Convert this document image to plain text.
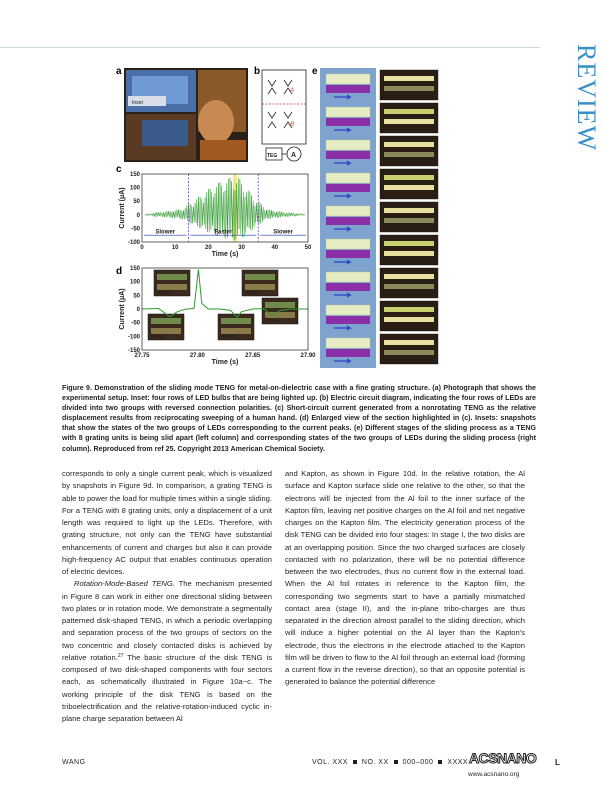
REVIEW
a	b
c
d
e
Inset
A
B
TEG A
Slower	Faster	Slower
150
100
50
0
-50
-100
0	10	20	30	40	50
Time (s)
Current (μA)
Inset	Inset
Inset	Inset
Inset
150
100
50
0
-50
-100
-150
27.75	27.80	27.85	27.90
Time (s)
Current (μA)
Figure 9. Demonstration of the sliding mode TENG for metal-on-dielectric case with a fine grating structure. (a) Photograph that shows the experimental setup. Inset: four rows of LED bulbs that are being lighted up. (b) Electric circuit diagram, indicating the four rows of LEDs are divided into two groups with reversed connection polarities. (c) Short-circuit current generated from a nonrotating TENG as the relative displacement results from reciprocating sweeping of a human hand. (d) Enlarged view of the section highlighted in (c). Insets: snapshots that show the states of the two groups of LEDs corresponding to the current peaks. (e) Different stages of the sliding process as a TENG with 8 grating units is being slid apart (left column) and corresponding states of the two groups of LEDs during the sliding process (right column). Reproduced from ref 25. Copyright 2013 American Chemical Society.

corresponds to only a single current peak, which is visualized by snapshots in Figure 9d. In comparison, a grating TENG is able to power the load for multiple times within a single sliding. For a TENG with 8 grating units, only a displacement of a unit length was required to light up the LEDs. Therefore, with grating structure, not only can the TENG have substantial enhancements of current and charges but also it can provide high-frequency AC output that enables continuous operation of electric devices.

Rotation-Mode-Based TENG. The mechanism presented in Figure 8 can work in either one directional sliding between two plates or in rotation mode. We demonstrate a segmentally patterned disk-shaped TENG, in which a periodic overlapping and separation process of the two groups of sectors on the two concentric and closely contacted disks is achieved by relative rotation.$^{27}$ The basic structure of the disk TENG is composed of two disk-shaped components with four sectors each, as schematically illustrated in Figure 10a−c. The working principle of the disk TENG is based on the triboelectrification and the relative-rotation-induced cyclic in-plane charge separation between Al

and Kapton, as shown in Figure 10d. In the relative rotation, the Al surface and Kapton surface slide one relative to the other, so that the electrons will be injected from the Al foil to the inner surface of the Kapton film, leaving net positive charges on the Al foil and net negative charges on the Kapton film. The electricity generation process of the disk TENG can be divided into four stages: In stage I, the two disks are at an overlapping position. Since the two charged surfaces are closely contacted with no polarization, there will be no potential difference between the two electrodes, thus no current flow in the external load. When the Al foil rotates in reference to the Kapton film, the corresponding two segments start to have a partially mismatched contact area (stage II), and the in-plane tribo-charges are thus separated in the direction almost parallel to the sliding direction, which will induce a higher potential on the Al layer than the Kapton's electrode, thus the electrons in the electrode attached to the Kapton film will be driven to flow to the Al foil through an external load (forming a current flow in the reverse direction), so that an opposite potential is generated to balance the potential difference

WANG	VOL. XXX NO. XX 000–000 XXXX ACSNANO L
www.acsnano.org
